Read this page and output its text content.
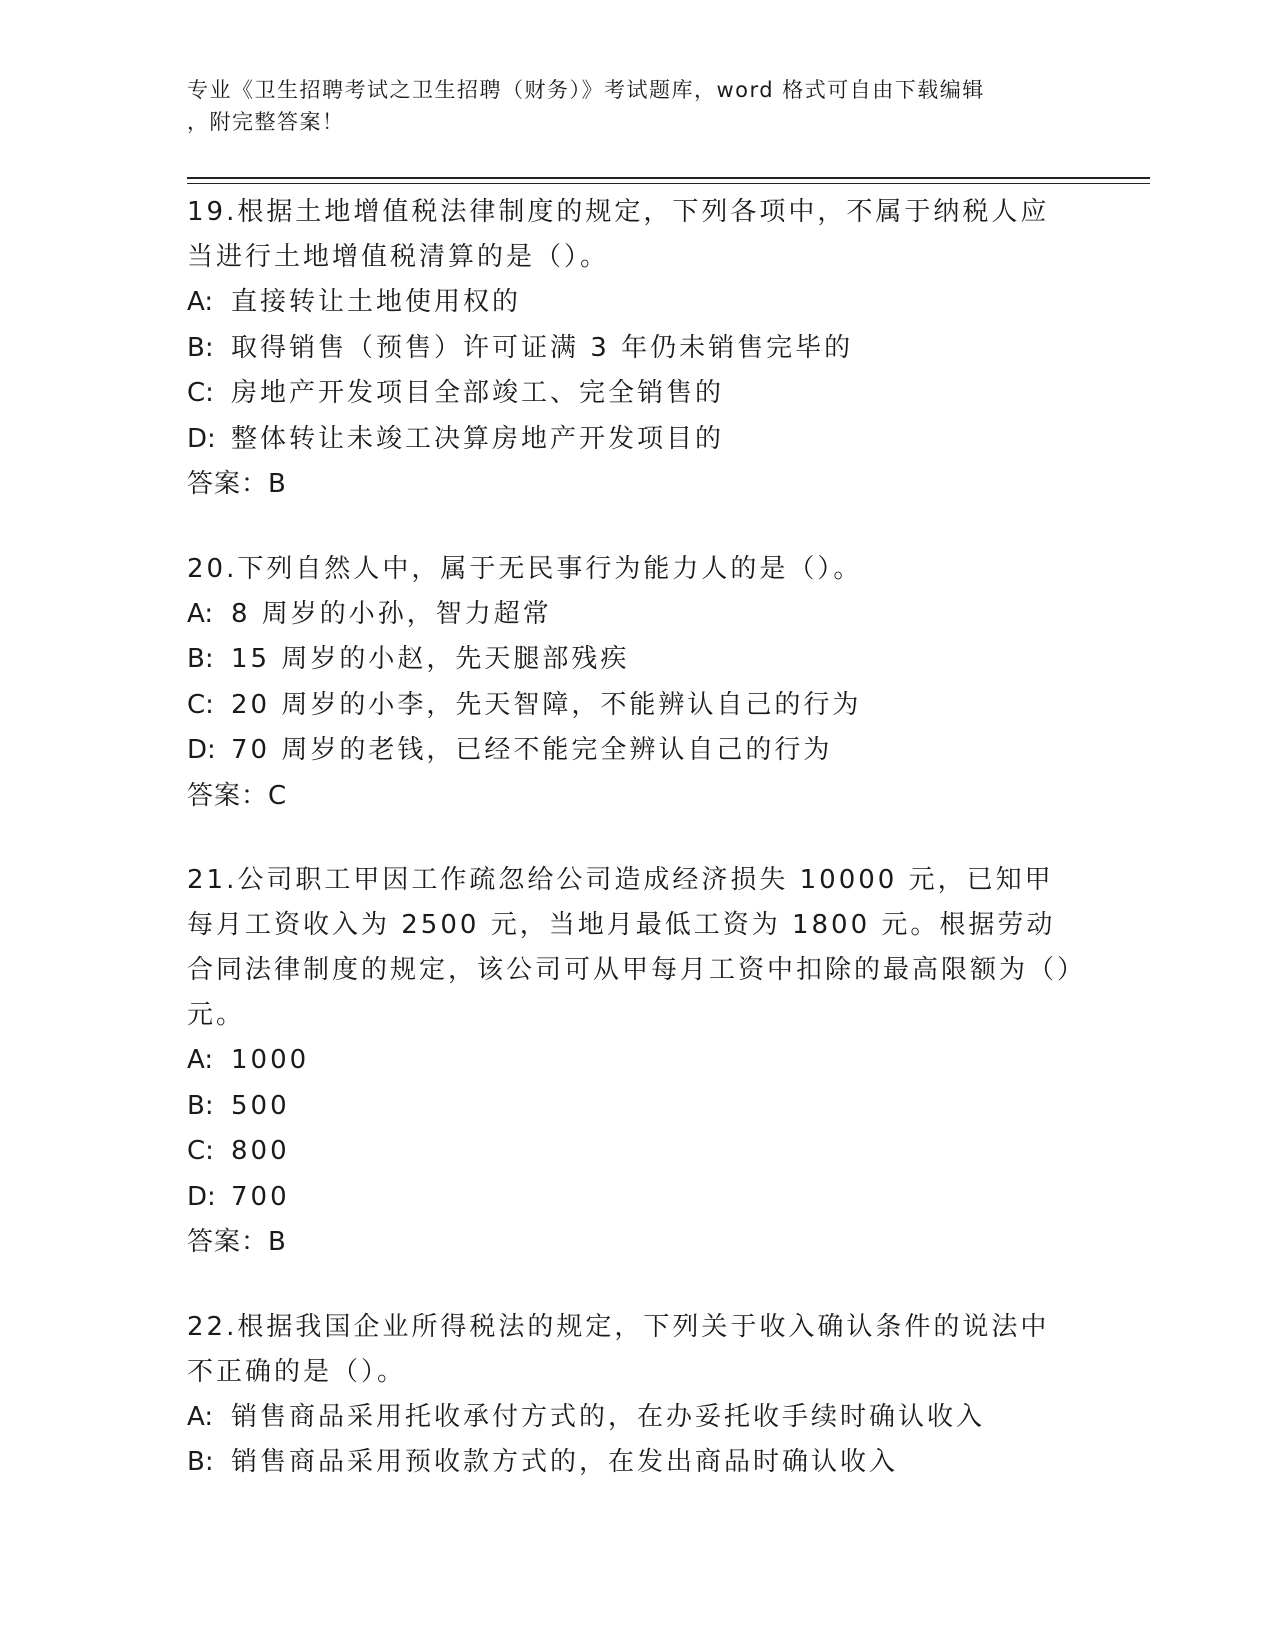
专业《卫生招聘考试之卫生招聘（财务）》考试题库，word 格式可自由下载编辑
，附完整答案！

19.根据土地增值税法律制度的规定，下列各项中，不属于纳税人应当进行土地增值税清算的是（）。

A: 直接转让土地使用权的

B: 取得销售（预售）许可证满 3 年仍未销售完毕的

C: 房地产开发项目全部竣工、完全销售的

D: 整体转让未竣工决算房地产开发项目的

答案：B

20.下列自然人中，属于无民事行为能力人的是（）。

A: 8 周岁的小孙，智力超常

B: 15 周岁的小赵，先天腿部残疾

C: 20 周岁的小李，先天智障，不能辨认自己的行为

D: 70 周岁的老钱，已经不能完全辨认自己的行为

答案：C

21.公司职工甲因工作疏忽给公司造成经济损失 10000 元，已知甲每月工资收入为 2500 元，当地月最低工资为 1800 元。根据劳动合同法律制度的规定，该公司可从甲每月工资中扣除的最高限额为（）元。

A: 1000

B: 500

C: 800

D: 700

答案：B

22.根据我国企业所得税法的规定，下列关于收入确认条件的说法中不正确的是（）。

A: 销售商品采用托收承付方式的，在办妥托收手续时确认收入

B: 销售商品采用预收款方式的，在发出商品时确认收入
